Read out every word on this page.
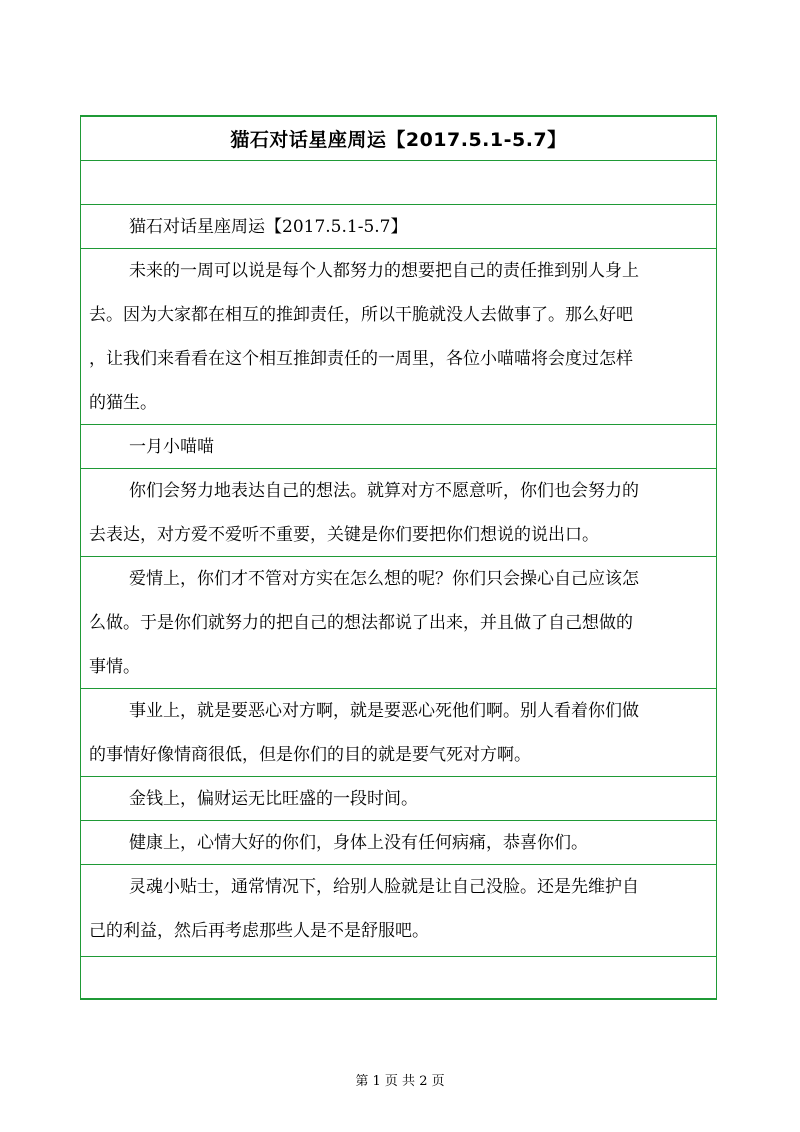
猫石对话星座周运【2017.5.1-5.7】
猫石对话星座周运【2017.5.1-5.7】
未来的一周可以说是每个人都努力的想要把自己的责任推到别人身上
去。因为大家都在相互的推卸责任，所以干脆就没人去做事了。那么好吧
，让我们来看看在这个相互推卸责任的一周里，各位小喵喵将会度过怎样
的猫生。
一月小喵喵
你们会努力地表达自己的想法。就算对方不愿意听，你们也会努力的
去表达，对方爱不爱听不重要，关键是你们要把你们想说的说出口。
爱情上，你们才不管对方实在怎么想的呢？你们只会操心自己应该怎
么做。于是你们就努力的把自己的想法都说了出来，并且做了自己想做的
事情。
事业上，就是要恶心对方啊，就是要恶心死他们啊。别人看着你们做
的事情好像情商很低，但是你们的目的就是要气死对方啊。
金钱上，偏财运无比旺盛的一段时间。
健康上，心情大好的你们，身体上没有任何病痛，恭喜你们。
灵魂小贴士，通常情况下，给别人脸就是让自己没脸。还是先维护自
己的利益，然后再考虑那些人是不是舒服吧。
第 1 页 共 2 页
